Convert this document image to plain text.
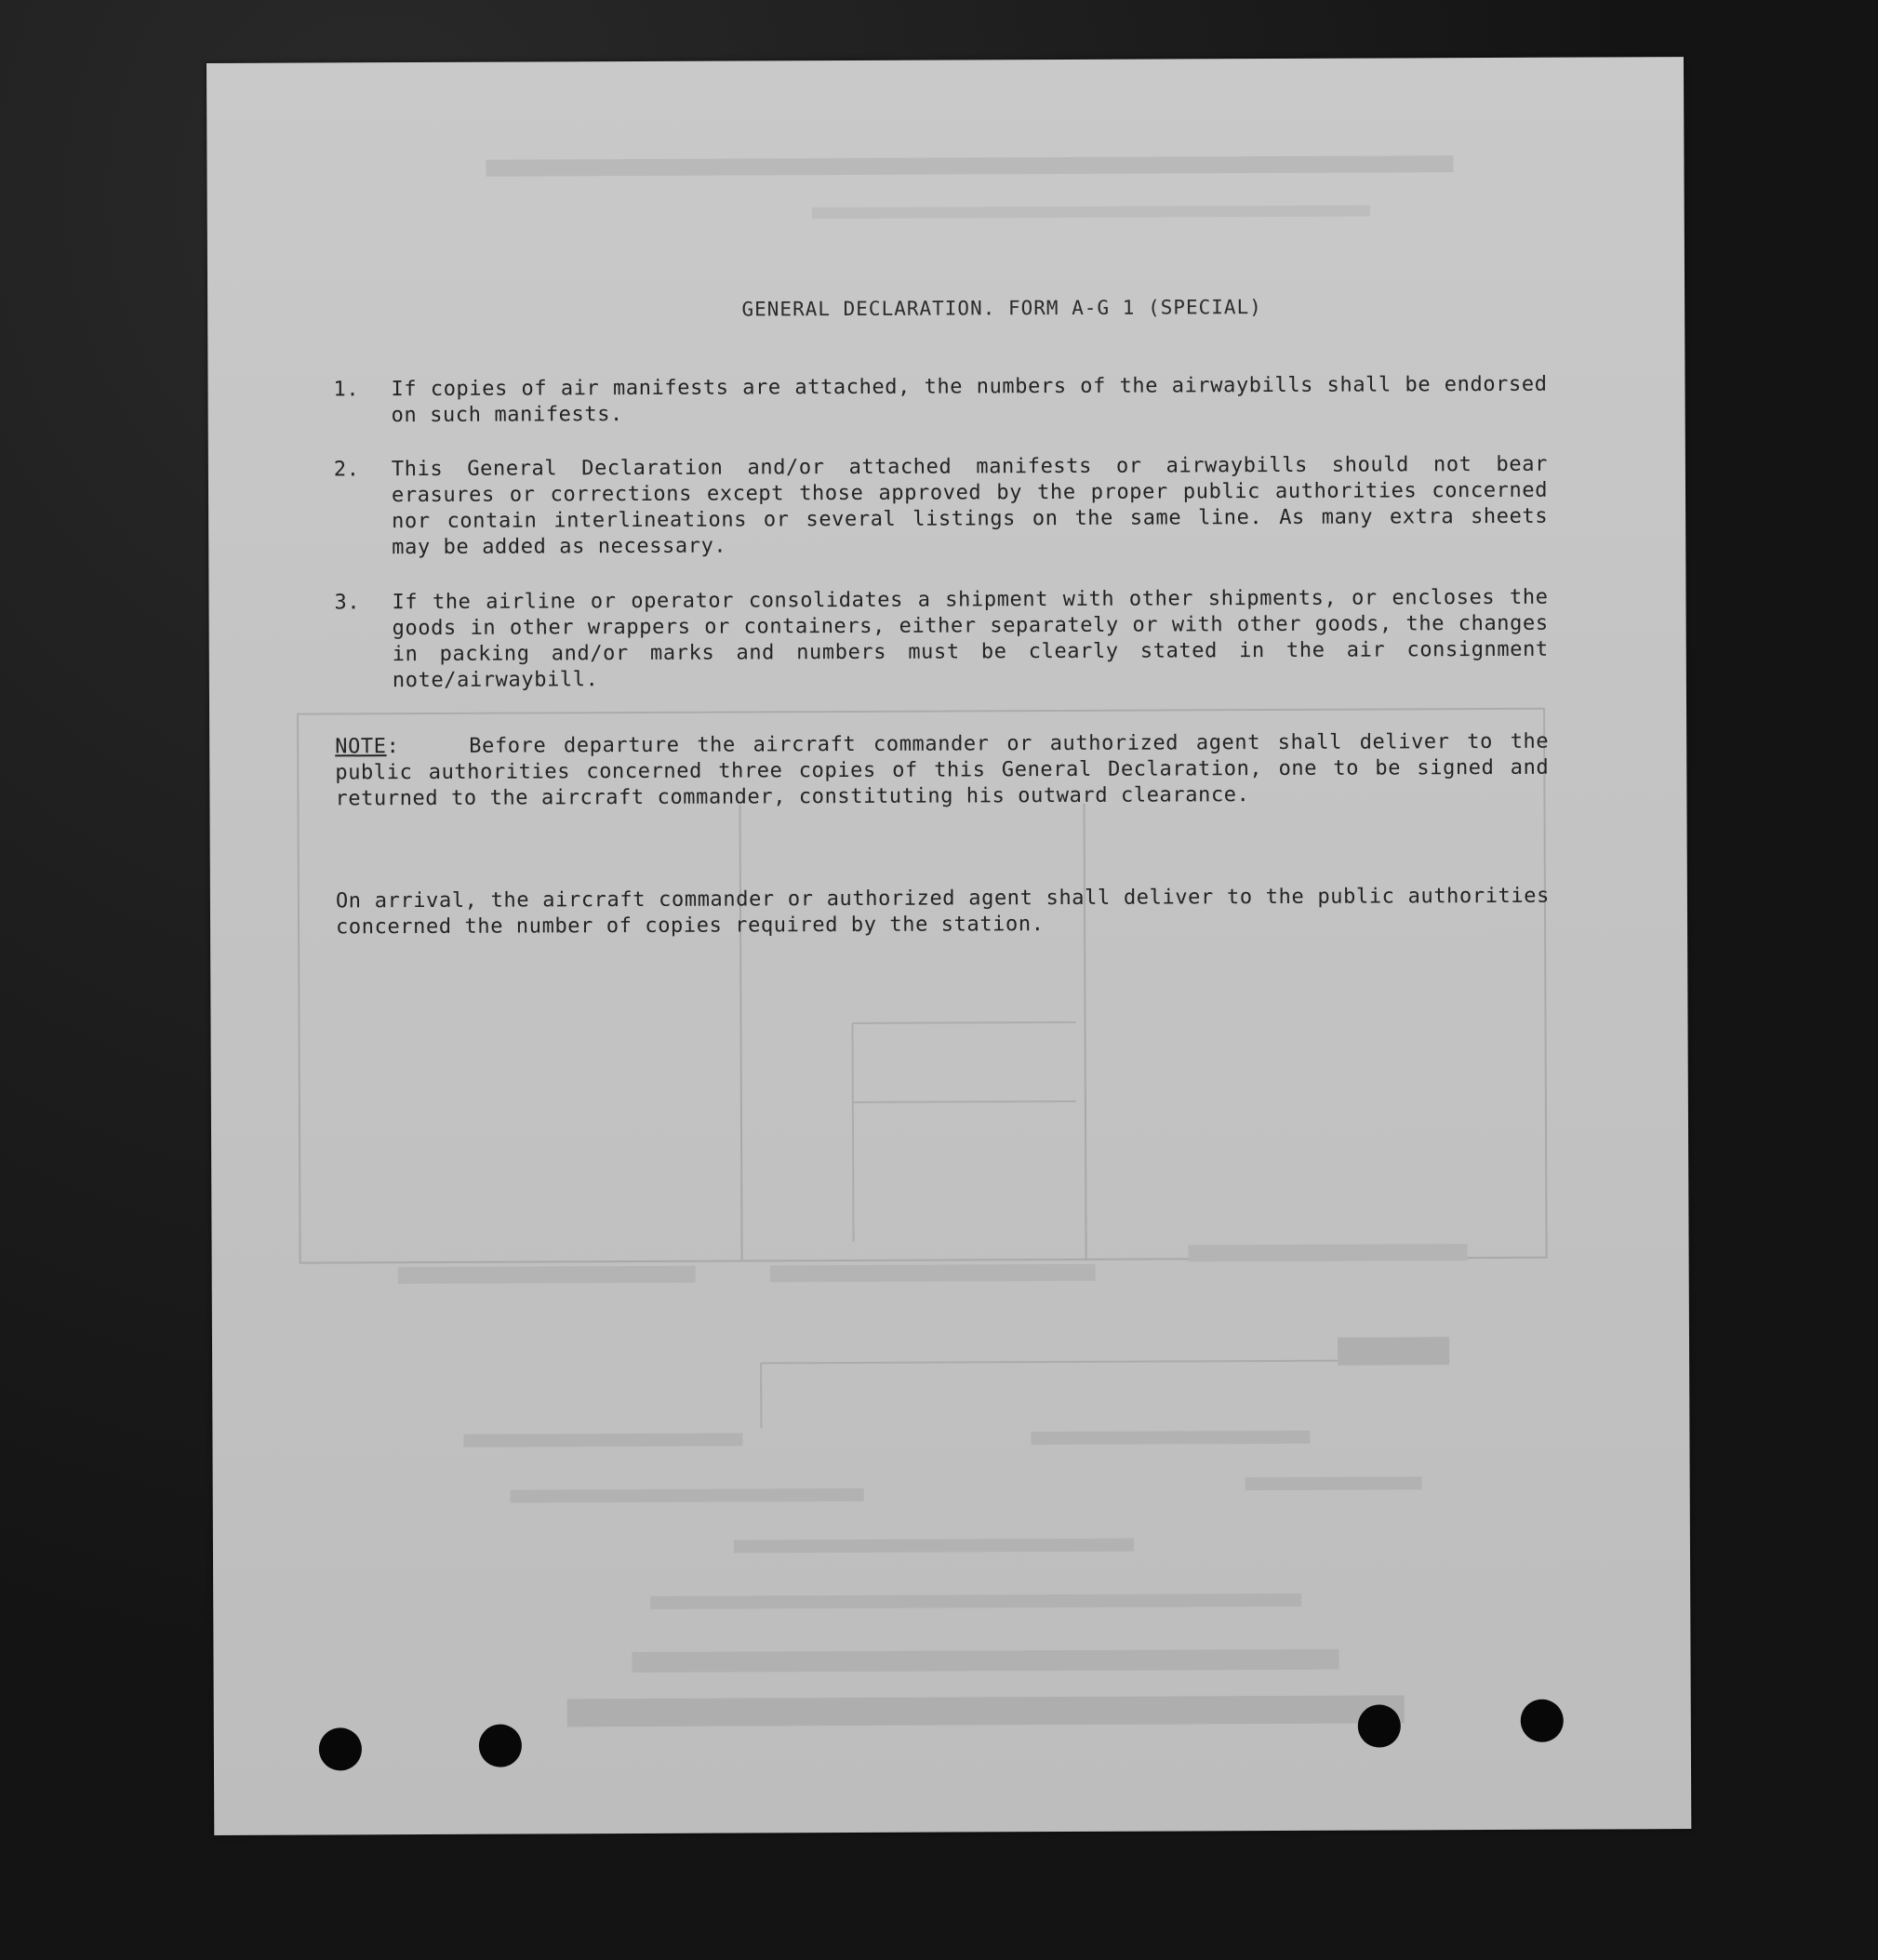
GENERAL DECLARATION. FORM A-G 1 (SPECIAL)
1.	If copies of air manifests are attached, the numbers of the airwaybills shall be endorsed on such manifests.
2.	This General Declaration and/or attached manifests or airwaybills should not bear erasures or corrections except those approved by the proper public authorities concerned nor contain interlineations or several listings on the same line. As many extra sheets may be added as necessary.
3.	If the airline or operator consolidates a shipment with other shipments, or encloses the goods in other wrappers or containers, either separately or with other goods, the changes in packing and/or marks and numbers must be clearly stated in the air consignment note/airwaybill.
NOTE:    Before departure the aircraft commander or authorized agent shall deliver to the public authorities concerned three copies of this General Declaration, one to be signed and returned to the aircraft commander, constituting his outward clearance.
On arrival, the aircraft commander or authorized agent shall deliver to the public authorities concerned the number of copies required by the station.
